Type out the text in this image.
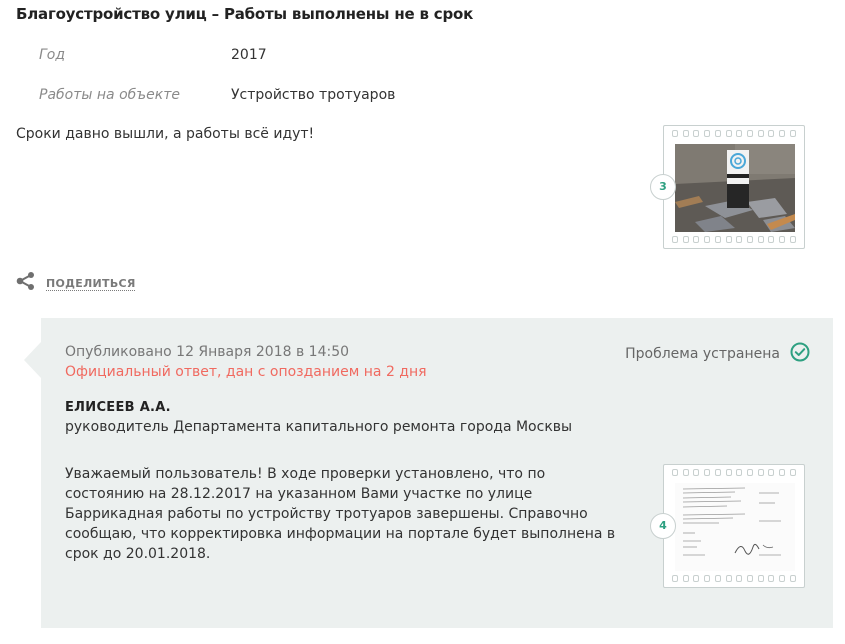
Благоустройство улиц – Работы выполнены не в срок
Год	2017
Работы на объекте	Устройство тротуаров
Сроки давно вышли, а работы всё идут!
3
ПОДЕЛИТЬСЯ
Опубликовано 12 Января 2018 в 14:50
Официальный ответ, дан с опозданием на 2 дня
Проблема устранена
ЕЛИСЕЕВ А.А.
руководитель Департамента капитального ремонта города Москвы
Уважаемый пользователь! В ходе проверки установлено, что по состоянию на 28.12.2017 на указанном Вами участке по улице Баррикадная работы по устройству тротуаров завершены. Справочно сообщаю, что корректировка информации на портале будет выполнена в срок до 20.01.2018.
4
